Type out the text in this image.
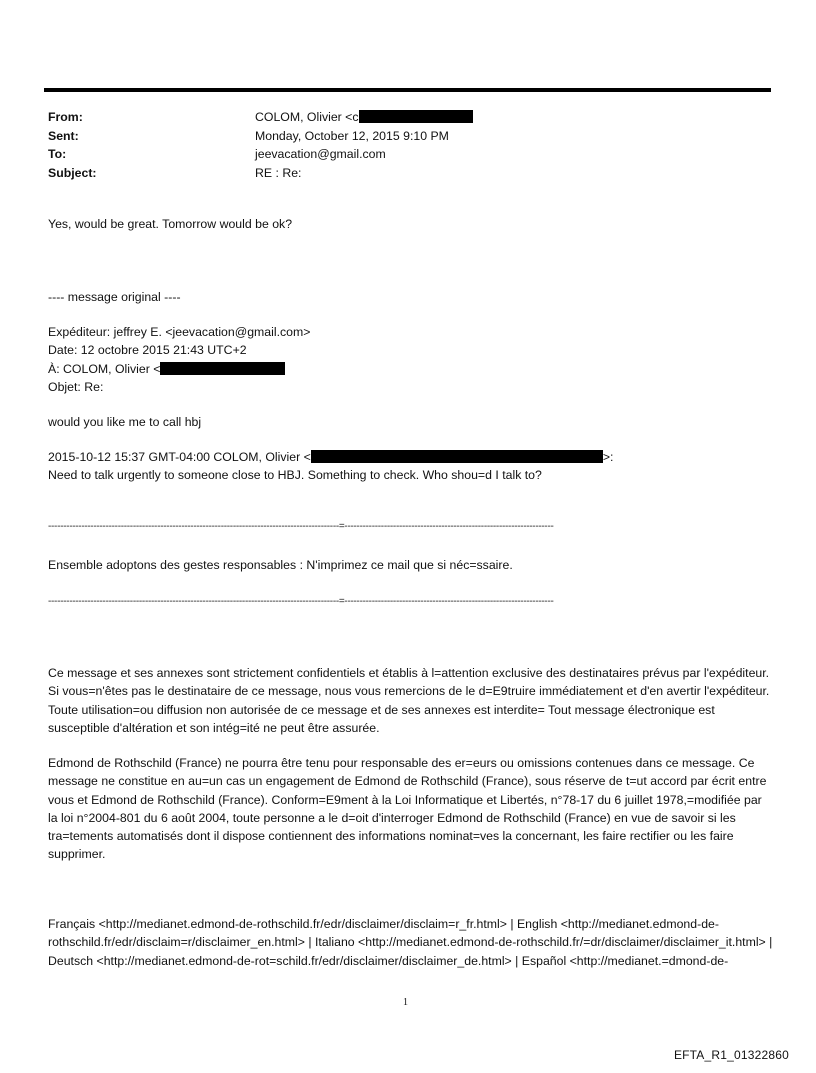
From:	COLOM, Olivier <c
Sent:	Monday, October 12, 2015 9:10 PM
To:	jeevacation@gmail.com
Subject:	RE : Re:
Yes, would be great. Tomorrow would be ok?
---- message original ----

Expéditeur: jeffrey E. <jeevacation@gmail.com>

Date: 12 octobre 2015 21:43 UTC+2

À: COLOM, Olivier <

Objet: Re:

would you like me to call hbj

2015-10-12 15:37 GMT-04:00 COLOM, Olivier <	>:

Need to talk urgently to someone close to HBJ. Something to check. Who shou=d I talk to?

------------------------------------------------------------------------------------------------=---------------------------------------------------------------------
Ensemble adoptons des gestes responsables : N'imprimez ce mail que si néc=ssaire.
------------------------------------------------------------------------------------------------=---------------------------------------------------------------------
Ce message et ses annexes sont strictement confidentiels et établis à l=attention exclusive des destinataires prévus par l'expéditeur. Si vous=n'êtes pas le destinataire de ce message, nous vous remercions de le d=E9truire immédiatement et d'en avertir l'expéditeur. Toute utilisation=ou diffusion non autorisée de ce message et de ses annexes est interdite= Tout message électronique est susceptible d'altération et son intég=ité ne peut être assurée.
Edmond de Rothschild (France) ne pourra être tenu pour responsable des er=eurs ou omissions contenues dans ce message. Ce message ne constitue en au=un cas un engagement de Edmond de Rothschild (France), sous réserve de t=ut accord par écrit entre vous et Edmond de Rothschild (France). Conform=E9ment à la Loi Informatique et Libertés, n°78-17 du 6 juillet 1978,=modifiée par la loi n°2004-801 du 6 août 2004, toute personne a le d=oit d'interroger Edmond de Rothschild (France) en vue de savoir si les tra=tements automatisés dont il dispose contiennent des informations nominat=ves la concernant, les faire rectifier ou les faire supprimer.
Français <http://medianet.edmond-de-rothschild.fr/edr/disclaimer/disclaim=r_fr.html> | English <http://medianet.edmond-de-rothschild.fr/edr/disclaim=r/disclaimer_en.html> | Italiano <http://medianet.edmond-de-rothschild.fr/=dr/disclaimer/disclaimer_it.html> | Deutsch <http://medianet.edmond-de-rot=schild.fr/edr/disclaimer/disclaimer_de.html> | Español <http://medianet.=dmond-de-
1
EFTA_R1_01322860
